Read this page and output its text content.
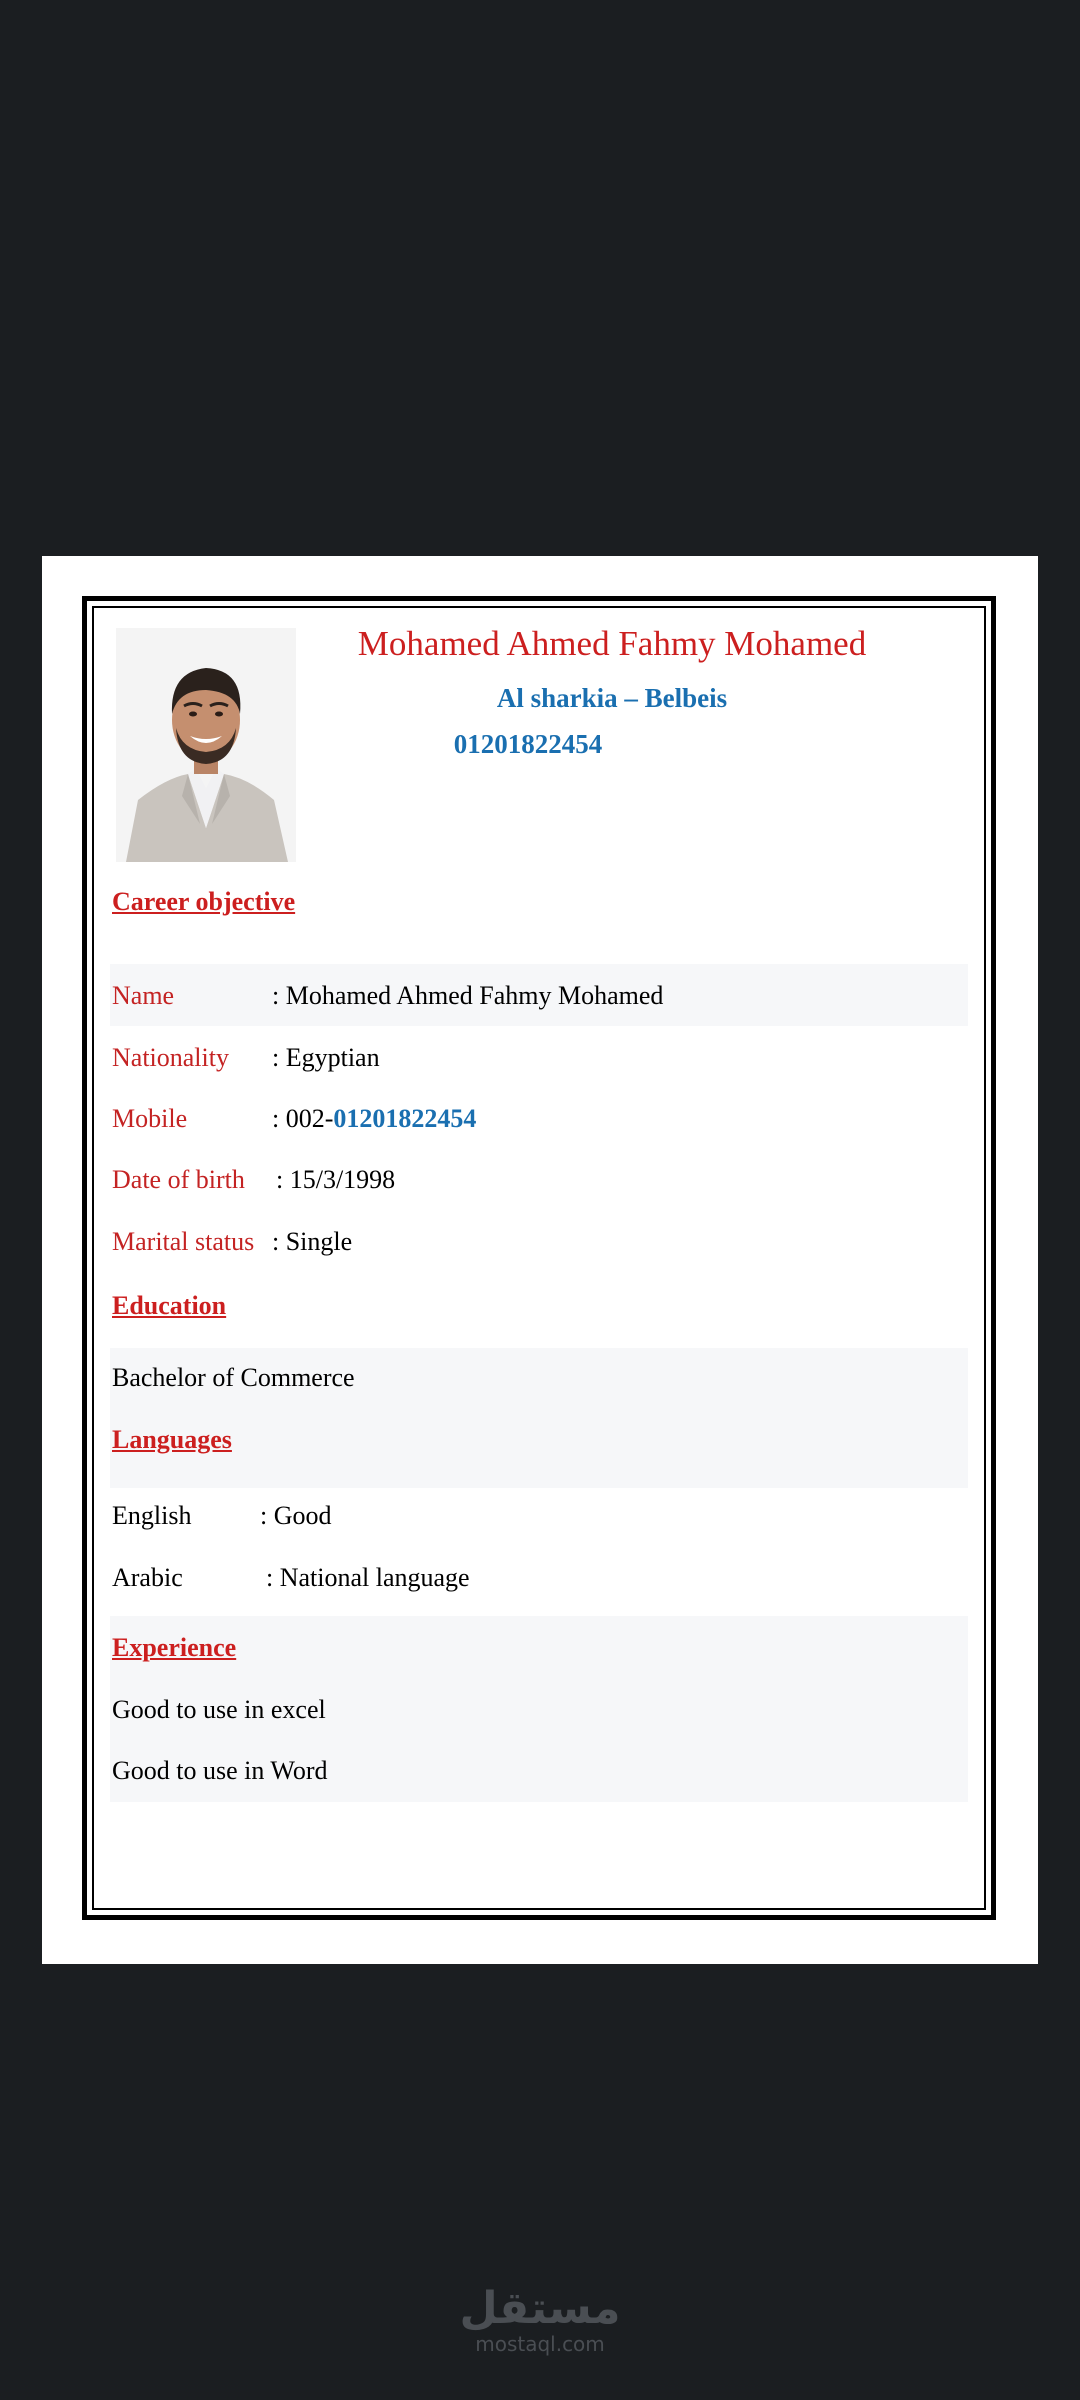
Mohamed Ahmed Fahmy Mohamed
Al sharkia – Belbeis
01201822454
Career objective
Name	: Mohamed Ahmed Fahmy Mohamed
Nationality : Egyptian
Mobile	: 002-01201822454
Date of birth : 15/3/1998
Marital status : Single
Education
Bachelor of Commerce
Languages
English	: Good
Arabic	: National language
Experience
Good to use in excel
Good to use in Word
مستقل
mostaql.com
